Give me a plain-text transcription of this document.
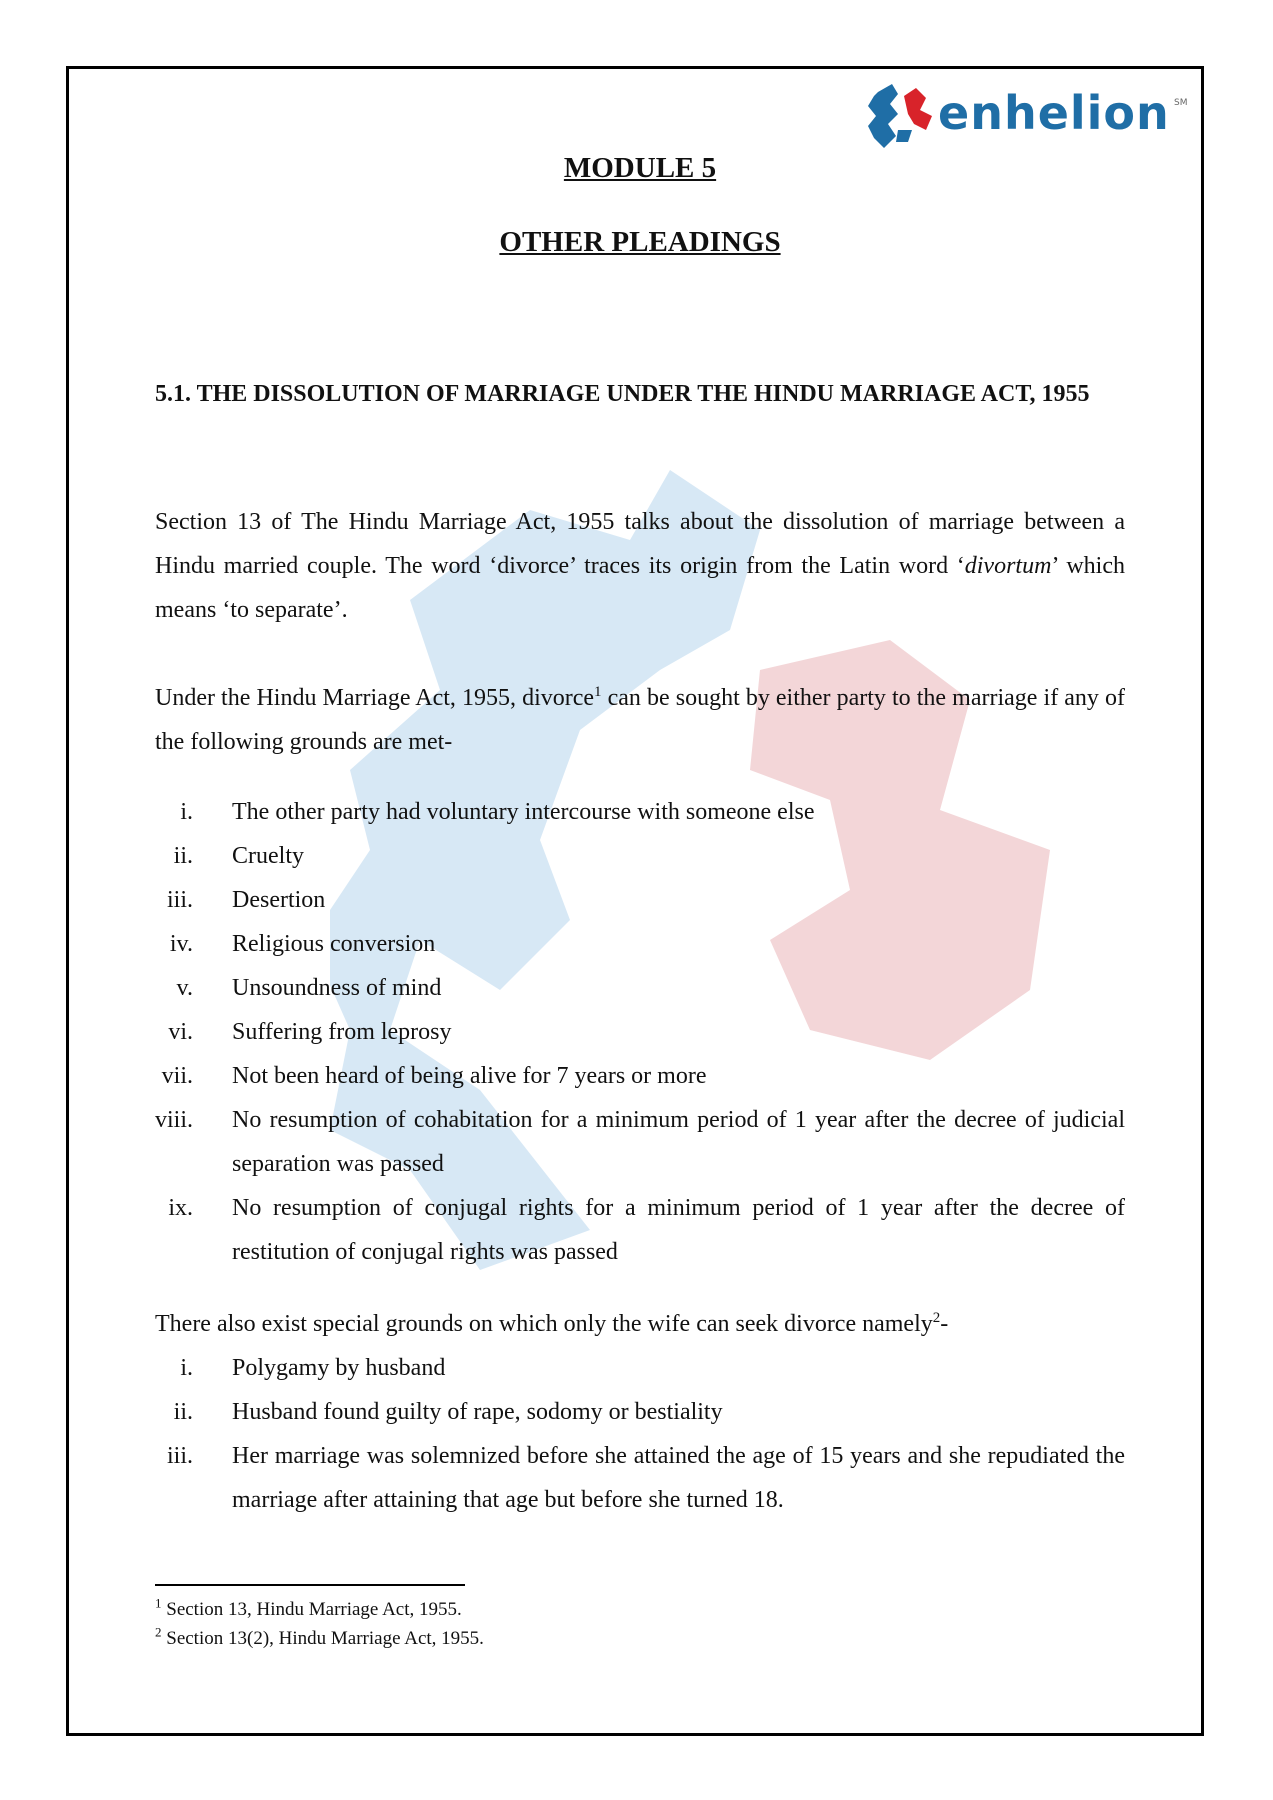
enhelion SM
MODULE 5
OTHER PLEADINGS
5.1. THE DISSOLUTION OF MARRIAGE UNDER THE HINDU MARRIAGE ACT, 1955
Section 13 of The Hindu Marriage Act, 1955 talks about the dissolution of marriage between a Hindu married couple. The word ‘divorce’ traces its origin from the Latin word ‘divortum’ which means ‘to separate’.
Under the Hindu Marriage Act, 1955, divorce$^1$ can be sought by either party to the marriage if any of the following grounds are met-
i. The other party had voluntary intercourse with someone else
ii. Cruelty
iii. Desertion
iv. Religious conversion
v. Unsoundness of mind
vi. Suffering from leprosy
vii. Not been heard of being alive for 7 years or more
viii. No resumption of cohabitation for a minimum period of 1 year after the decree of judicial separation was passed
ix. No resumption of conjugal rights for a minimum period of 1 year after the decree of restitution of conjugal rights was passed
There also exist special grounds on which only the wife can seek divorce namely$^2$-
i. Polygamy by husband
ii. Husband found guilty of rape, sodomy or bestiality
iii. Her marriage was solemnized before she attained the age of 15 years and she repudiated the marriage after attaining that age but before she turned 18.
$^1$ Section 13, Hindu Marriage Act, 1955.
$^2$ Section 13(2), Hindu Marriage Act, 1955.
